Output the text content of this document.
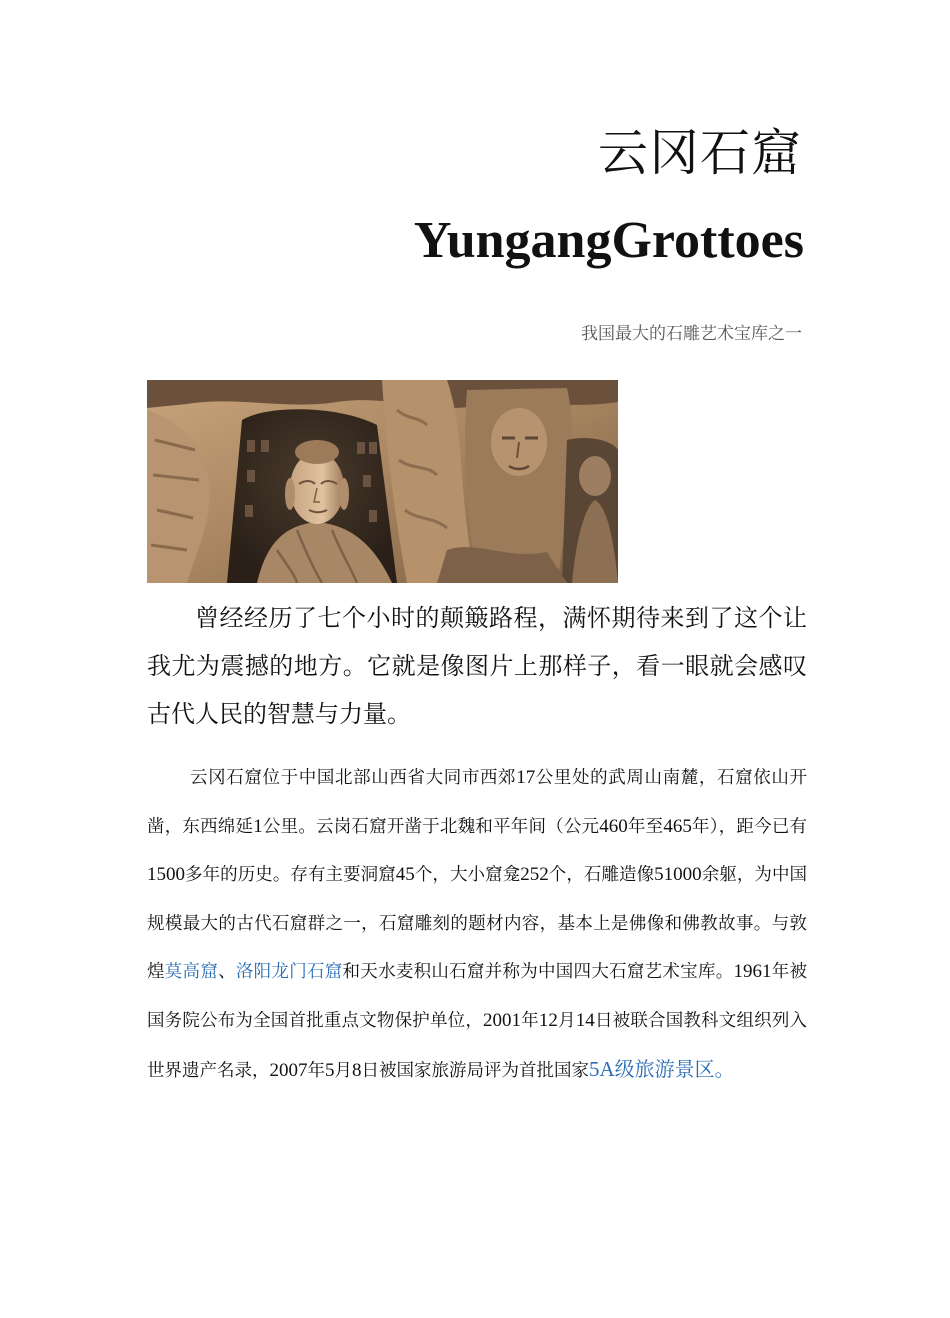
云冈石窟
YungangGrottoes
我国最大的石雕艺术宝库之一

曾经经历了七个小时的颠簸路程，满怀期待来到了这个让我尤为震撼的地方。它就是像图片上那样子，看一眼就会感叹古代人民的智慧与力量。

云冈石窟位于中国北部山西省大同市西郊17公里处的武周山南麓，石窟依山开凿，东西绵延1公里。云岗石窟开凿于北魏和平年间（公元460年至465年），距今已有1500多年的历史。存有主要洞窟45个，大小窟龛252个，石雕造像51000余躯，为中国规模最大的古代石窟群之一，石窟雕刻的题材内容，基本上是佛像和佛教故事。与敦煌莫高窟、洛阳龙门石窟和天水麦积山石窟并称为中国四大石窟艺术宝库。1961年被国务院公布为全国首批重点文物保护单位，2001年12月14日被联合国教科文组织列入世界遗产名录，2007年5月8日被国家旅游局评为首批国家5A级旅游景区。
